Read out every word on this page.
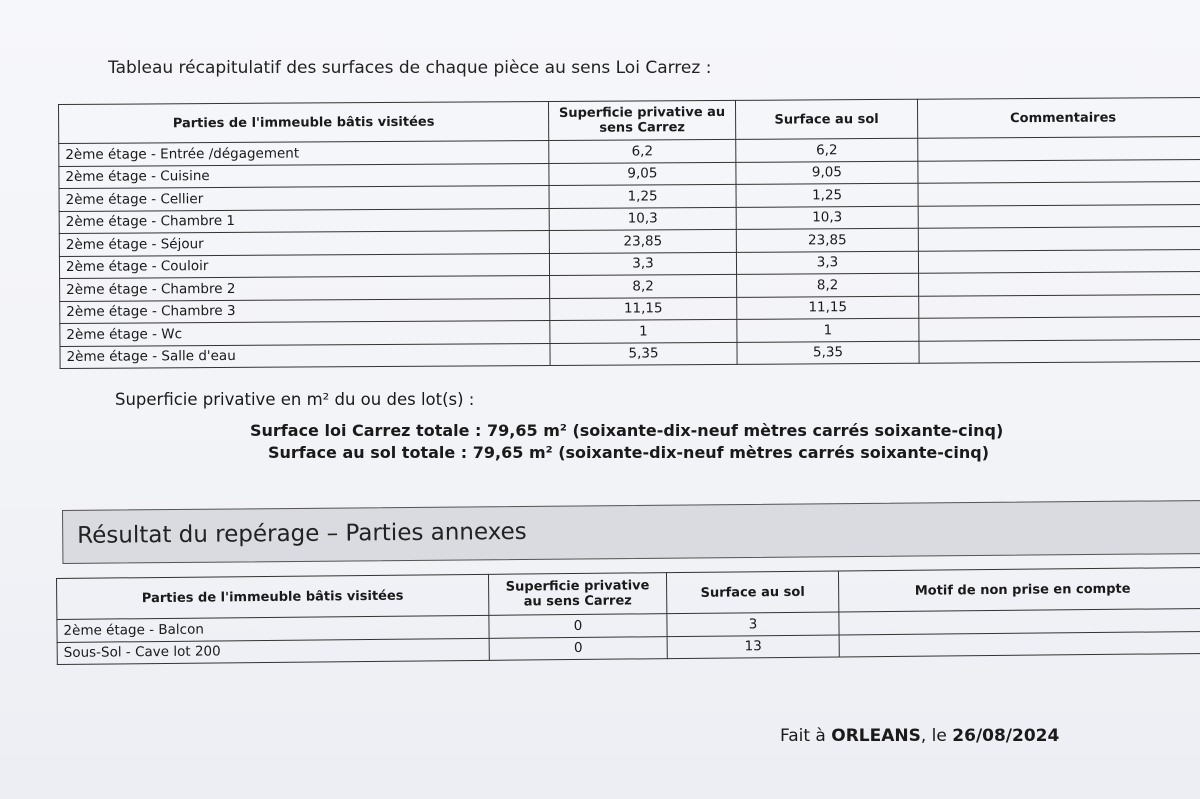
Tableau récapitulatif des surfaces de chaque pièce au sens Loi Carrez :
Parties de l'immeuble bâtis visitées	Superficie privative au sens Carrez	Surface au sol	Commentaires
2ème étage - Entrée /dégagement	6,2	6,2	
2ème étage - Cuisine	9,05	9,05	
2ème étage - Cellier	1,25	1,25	
2ème étage - Chambre 1	10,3	10,3	
2ème étage - Séjour	23,85	23,85	
2ème étage - Couloir	3,3	3,3	
2ème étage - Chambre 2	8,2	8,2	
2ème étage - Chambre 3	11,15	11,15	
2ème étage - Wc	1	1	
2ème étage - Salle d'eau	5,35	5,35	
Superficie privative en m² du ou des lot(s) :
Surface loi Carrez totale : 79,65 m² (soixante-dix-neuf mètres carrés soixante-cinq)
Surface au sol totale : 79,65 m² (soixante-dix-neuf mètres carrés soixante-cinq)
Résultat du repérage – Parties annexes
Parties de l'immeuble bâtis visitées	Superficie privative au sens Carrez	Surface au sol	Motif de non prise en compte
2ème étage - Balcon	0	3	
Sous-Sol - Cave lot 200	0	13	
Fait à ORLEANS, le 26/08/2024
